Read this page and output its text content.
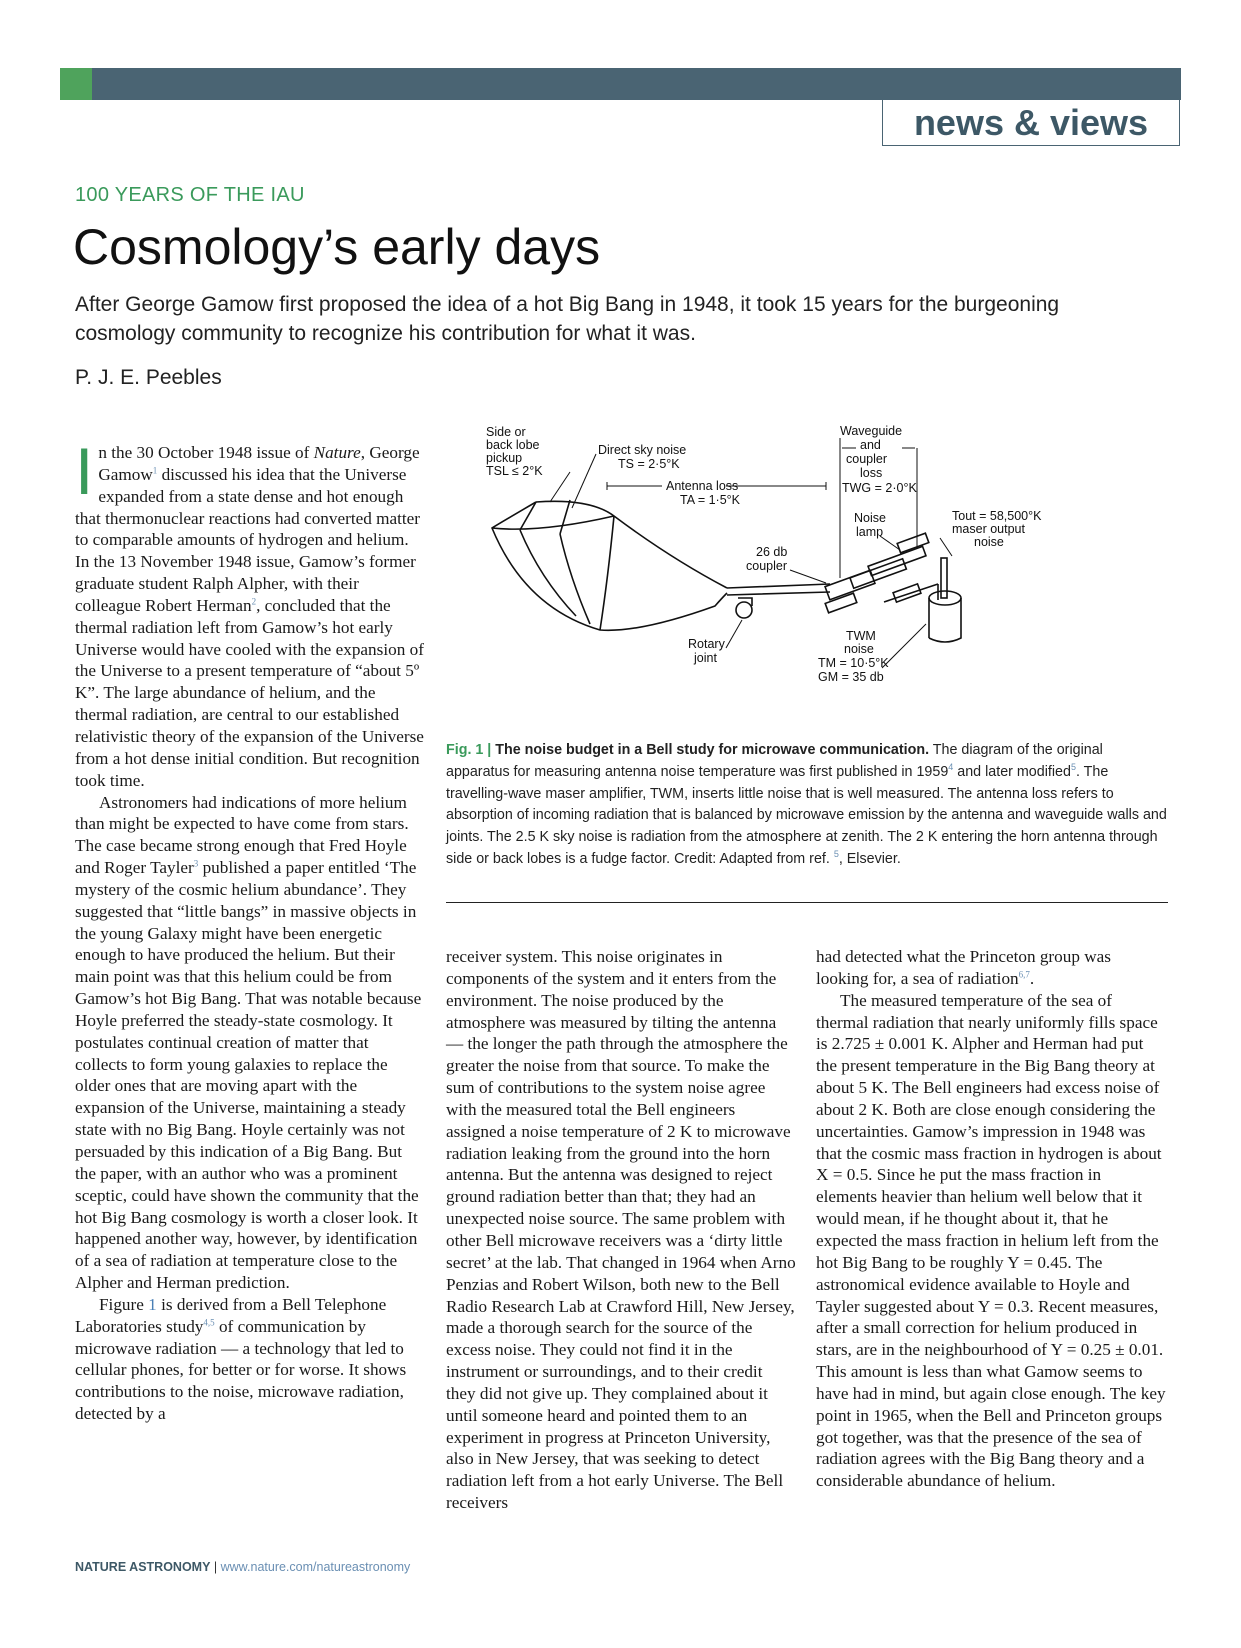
news & views
100 YEARS OF THE IAU
Cosmology’s early days

After George Gamow first proposed the idea of a hot Big Bang in 1948, it took 15 years for the burgeoning cosmology community to recognize his contribution for what it was.

P. J. E. Peebles

In the 30 October 1948 issue of Nature, George Gamow$^1$ discussed his idea that the Universe expanded from a state dense and hot enough that thermonuclear reactions had converted matter to comparable amounts of hydrogen and helium. In the 13 November 1948 issue, Gamow’s former graduate student Ralph Alpher, with their colleague Robert Herman$^2$, concluded that the thermal radiation left from Gamow’s hot early Universe would have cooled with the expansion of the Universe to a present temperature of “about 5º K”. The large abundance of helium, and the thermal radiation, are central to our established relativistic theory of the expansion of the Universe from a hot dense initial condition. But recognition took time.

Astronomers had indications of more helium than might be expected to have come from stars. The case became strong enough that Fred Hoyle and Roger Tayler$^3$ published a paper entitled ‘The mystery of the cosmic helium abundance’. They suggested that “little bangs” in massive objects in the young Galaxy might have been energetic enough to have produced the helium. But their main point was that this helium could be from Gamow’s hot Big Bang. That was notable because Hoyle preferred the steady-state cosmology. It postulates continual creation of matter that collects to form young galaxies to replace the older ones that are moving apart with the expansion of the Universe, maintaining a steady state with no Big Bang. Hoyle certainly was not persuaded by this indication of a Big Bang. But the paper, with an author who was a prominent sceptic, could have shown the community that the hot Big Bang cosmology is worth a closer look. It happened another way, however, by identification of a sea of radiation at temperature close to the Alpher and Herman prediction.

Figure 1 is derived from a Bell Telephone Laboratories study$^{4,5}$ of communication by microwave radiation — a technology that led to cellular phones, for better or for worse. It shows contributions to the noise, microwave radiation, detected by a

Side or
back lobe
pickup
TSL ≤ 2°K
Direct sky noise
TS = 2·5°K
Antenna loss
TA = 1·5°K
Waveguide
and
coupler
loss
TWG = 2·0°K
Noise
lamp
Tout = 58,500°K
maser output
noise
26 db
coupler
Rotary
joint
TWM
noise
TM = 10·5°K
GM = 35 db

Fig. 1 | The noise budget in a Bell study for microwave communication. The diagram of the original apparatus for measuring antenna noise temperature was first published in 1959$^4$ and later modified$^5$. The travelling-wave maser amplifier, TWM, inserts little noise that is well measured. The antenna loss refers to absorption of incoming radiation that is balanced by microwave emission by the antenna and waveguide walls and joints. The 2.5 K sky noise is radiation from the atmosphere at zenith. The 2 K entering the horn antenna through side or back lobes is a fudge factor. Credit: Adapted from ref. $^5$, Elsevier.

receiver system. This noise originates in components of the system and it enters from the environment. The noise produced by the atmosphere was measured by tilting the antenna — the longer the path through the atmosphere the greater the noise from that source. To make the sum of contributions to the system noise agree with the measured total the Bell engineers assigned a noise temperature of 2 K to microwave radiation leaking from the ground into the horn antenna. But the antenna was designed to reject ground radiation better than that; they had an unexpected noise source. The same problem with other Bell microwave receivers was a ‘dirty little secret’ at the lab. That changed in 1964 when Arno Penzias and Robert Wilson, both new to the Bell Radio Research Lab at Crawford Hill, New Jersey, made a thorough search for the source of the excess noise. They could not find it in the instrument or surroundings, and to their credit they did not give up. They complained about it until someone heard and pointed them to an experiment in progress at Princeton University, also in New Jersey, that was seeking to detect radiation left from a hot early Universe. The Bell receivers

had detected what the Princeton group was looking for, a sea of radiation$^{6,7}$.

The measured temperature of the sea of thermal radiation that nearly uniformly fills space is 2.725 ± 0.001 K. Alpher and Herman had put the present temperature in the Big Bang theory at about 5 K. The Bell engineers had excess noise of about 2 K. Both are close enough considering the uncertainties. Gamow’s impression in 1948 was that the cosmic mass fraction in hydrogen is about X = 0.5. Since he put the mass fraction in elements heavier than helium well below that it would mean, if he thought about it, that he expected the mass fraction in helium left from the hot Big Bang to be roughly Y = 0.45. The astronomical evidence available to Hoyle and Tayler suggested about Y = 0.3. Recent measures, after a small correction for helium produced in stars, are in the neighbourhood of Y = 0.25 ± 0.01. This amount is less than what Gamow seems to have had in mind, but again close enough. The key point in 1965, when the Bell and Princeton groups got together, was that the presence of the sea of radiation agrees with the Big Bang theory and a considerable abundance of helium.

NATURE ASTRONOMY | www.nature.com/natureastronomy
